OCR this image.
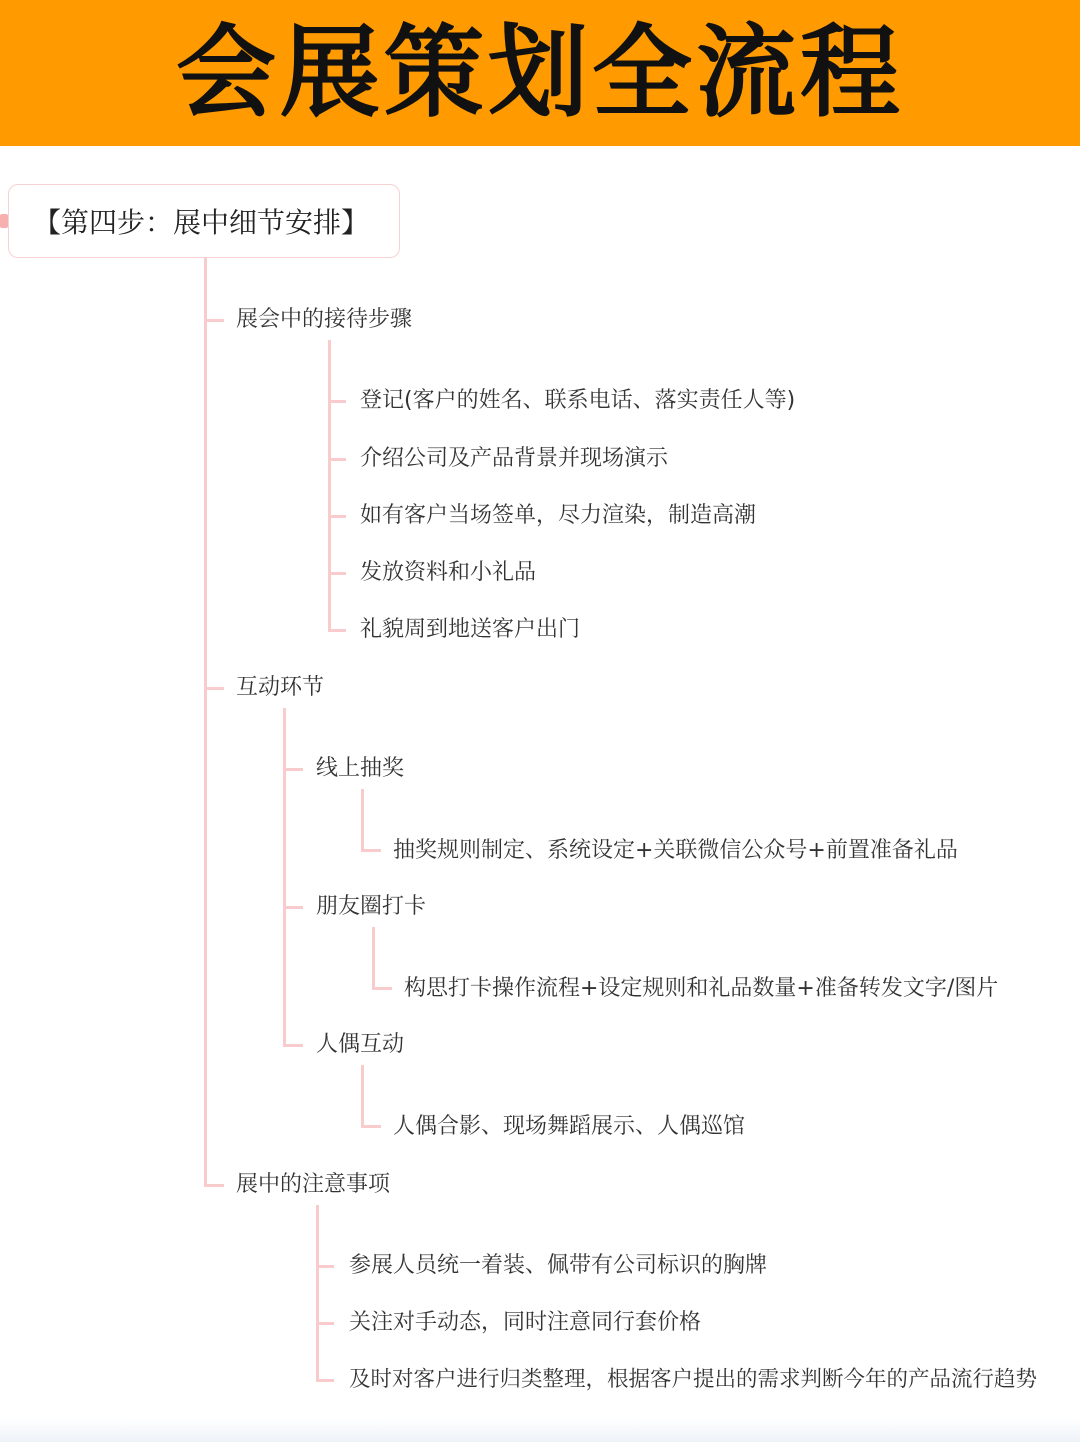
会展策划全流程
【第四步：展中细节安排】
展会中的接待步骤
登记(客户的姓名、联系电话、落实责任人等)
介绍公司及产品背景并现场演示
如有客户当场签单，尽力渲染，制造高潮
发放资料和小礼品
礼貌周到地送客户出门
互动环节
线上抽奖
抽奖规则制定、系统设定+关联微信公众号+前置准备礼品
朋友圈打卡
构思打卡操作流程+设定规则和礼品数量+准备转发文字/图片
人偶互动
人偶合影、现场舞蹈展示、人偶巡馆
展中的注意事项
参展人员统一着装、佩带有公司标识的胸牌
关注对手动态，同时注意同行套价格
及时对客户进行归类整理，根据客户提出的需求判断今年的产品流行趋势
